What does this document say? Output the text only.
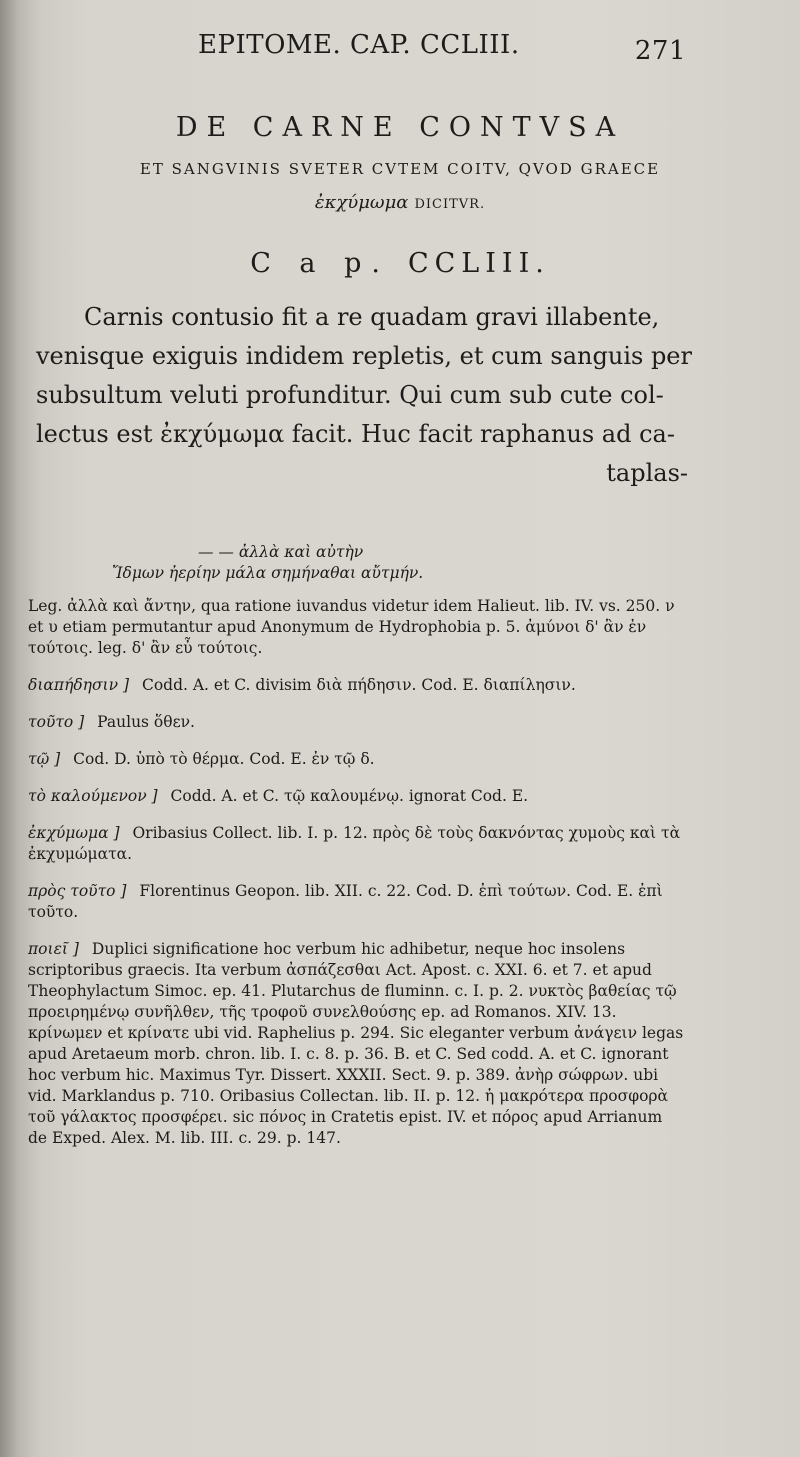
EPITOME. CAP. CCLIII.	271
DE CARNE CONTVSA
ET SANGVINIS SVETER CVTEM COITV, QVOD GRAECE
ἐκχύμωμα DICITVR.
C a p. CCLIII.
Carnis contusio fit a re quadam gravi illabente,
venisque exiguis indidem repletis, et cum sanguis per
subsultum veluti profunditur. Qui cum sub cute col-
lectus est ἐκχύμωμα facit. Huc facit raphanus ad ca-
taplas-
— — ἀλλὰ καὶ αὐτὴν
Ἴδμων ἠερίην μάλα σημήναθαι αὔτμήν.
Leg. ἀλλὰ καὶ ἄντην, qua ratione iuvandus videtur idem Halieut. lib. IV. vs. 250. ν et υ etiam permutantur apud Anonymum de Hydrophobia p. 5. ἀμύνοι δ' ἂν ἐν τούτοις. leg. δ' ἂν εὖ τούτοις.
διαπήδησιν ] Codd. A. et C. divisim διὰ πήδησιν. Cod. E. διαπίλησιν.
τοῦτο ] Paulus ὅθεν.
τῷ ] Cod. D. ὑπὸ τὸ θέρμα. Cod. E. ἐν τῷ δ.
τὸ καλούμενον ] Codd. A. et C. τῷ καλουμένῳ. ignorat Cod. E.
ἐκχύμωμα ] Oribasius Collect. lib. I. p. 12. πρὸς δὲ τοὺς δακνόντας χυμοὺς καὶ τὰ ἐκχυμώματα.
πρὸς τοῦτο ] Florentinus Geopon. lib. XII. c. 22. Cod. D. ἐπὶ τούτων. Cod. E. ἐπὶ τοῦτο.
ποιεῖ ] Duplici significatione hoc verbum hic adhibetur, neque hoc insolens scriptoribus graecis. Ita verbum ἀσπάζεσθαι Act. Apost. c. XXI. 6. et 7. et apud Theophylactum Simoc. ep. 41. Plutarchus de fluminn. c. I. p. 2. νυκτὸς βαθείας τῷ προειρημένῳ συνῆλθεν, τῆς τροφοῦ συνελθούσης ep. ad Romanos. XIV. 13. κρίνωμεν et κρίνατε ubi vid. Raphelius p. 294. Sic eleganter verbum ἀνάγειν legas apud Aretaeum morb. chron. lib. I. c. 8. p. 36. B. et C. Sed codd. A. et C. ignorant hoc verbum hic. Maximus Tyr. Dissert. XXXII. Sect. 9. p. 389. ἀνὴρ σώφρων. ubi vid. Marklandus p. 710. Oribasius Collectan. lib. II. p. 12. ἡ μακρότερα προσφορὰ τοῦ γάλακτος προσφέρει. sic πόνος in Cratetis epist. IV. et πόρος apud Arrianum de Exped. Alex. M. lib. III. c. 29. p. 147.
